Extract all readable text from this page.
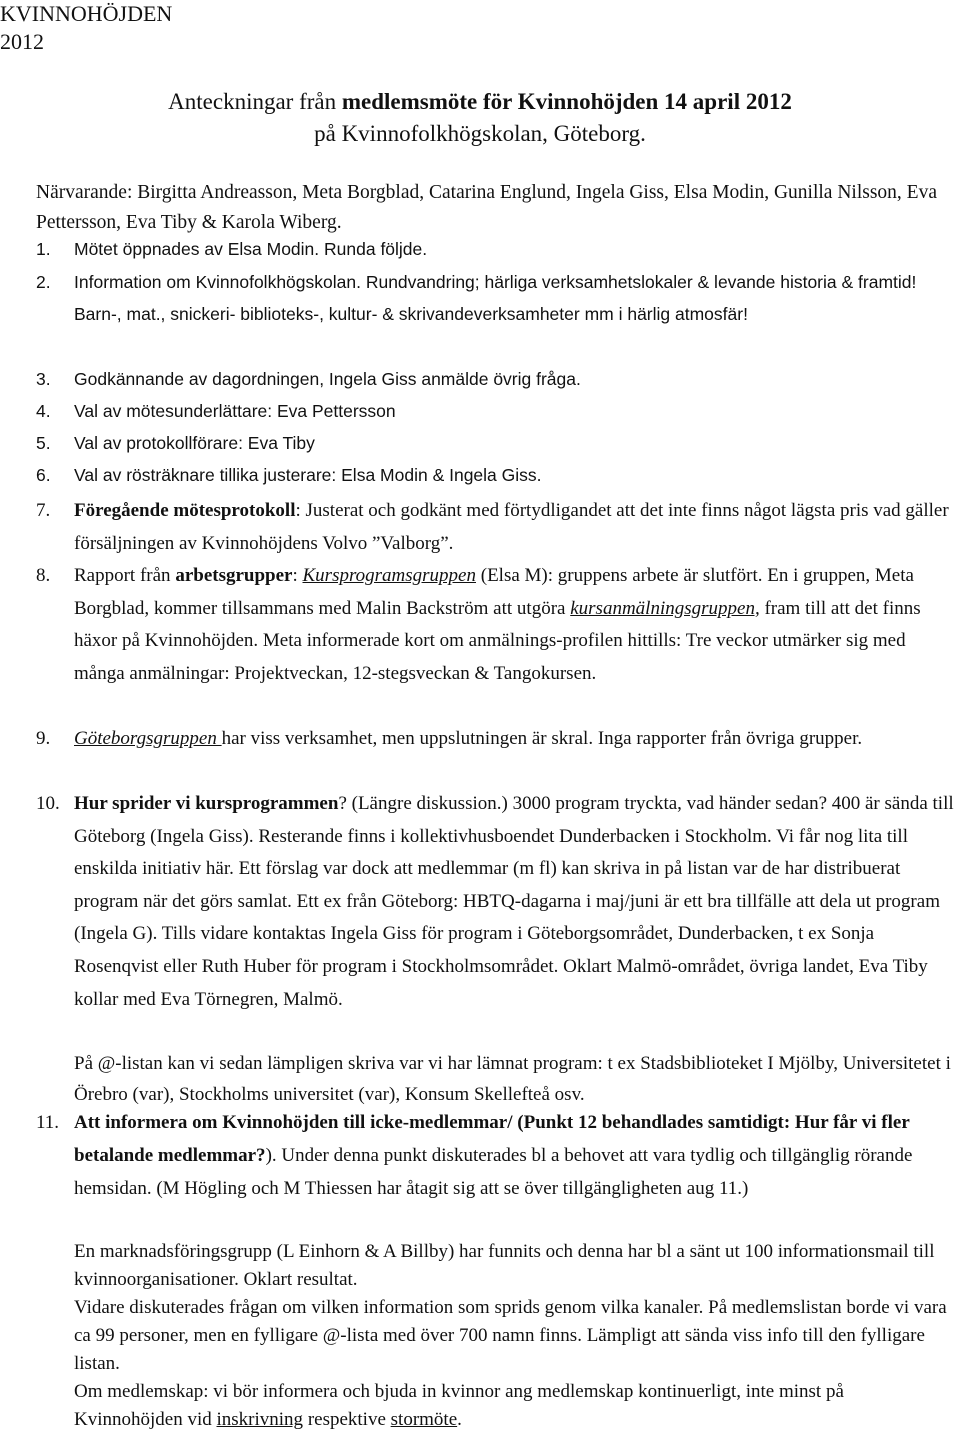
KVINNOHÖJDEN
2012
Anteckningar från medlemsmöte för Kvinnohöjden 14 april 2012
på Kvinnofolkhögskolan, Göteborg.
Närvarande: Birgitta Andreasson, Meta Borgblad, Catarina Englund, Ingela Giss, Elsa Modin, Gunilla Nilsson, Eva Pettersson, Eva Tiby & Karola Wiberg.
1. Mötet öppnades av Elsa Modin. Runda följde.
2. Information om Kvinnofolkhögskolan. Rundvandring; härliga verksamhetslokaler & levande historia & framtid! Barn-, mat., snickeri- biblioteks-, kultur- & skrivandeverksamheter mm i härlig atmosfär!
3. Godkännande av dagordningen, Ingela Giss anmälde övrig fråga.
4. Val av mötesunderlättare: Eva Pettersson
5. Val av protokollförare: Eva Tiby
6. Val av rösträknare tillika justerare: Elsa Modin & Ingela Giss.
7. Föregående mötesprotokoll: Justerat och godkänt med förtydligandet att det inte finns något lägsta pris vad gäller försäljningen av Kvinnohöjdens Volvo ”Valborg”.
8. Rapport från arbetsgrupper: Kursprogramsgruppen (Elsa M): gruppens arbete är slutfört. En i gruppen, Meta Borgblad, kommer tillsammans med Malin Backström att utgöra kursanmälningsgruppen, fram till att det finns häxor på Kvinnohöjden. Meta informerade kort om anmälnings-profilen hittills: Tre veckor utmärker sig med många anmälningar: Projektveckan, 12-stegsveckan & Tangokursen.
9. Göteborgsgruppen har viss verksamhet, men uppslutningen är skral. Inga rapporter från övriga grupper.
10. Hur sprider vi kursprogrammen? (Längre diskussion.) 3000 program tryckta, vad händer sedan? 400 är sända till Göteborg (Ingela Giss). Resterande finns i kollektivhusboendet Dunderbacken i Stockholm. Vi får nog lita till enskilda initiativ här. Ett förslag var dock att medlemmar (m fl) kan skriva in på listan var de har distribuerat program när det görs samlat. Ett ex från Göteborg: HBTQ-dagarna i maj/juni är ett bra tillfälle att dela ut program (Ingela G). Tills vidare kontaktas Ingela Giss för program i Göteborgsområdet, Dunderbacken, t ex Sonja Rosenqvist eller Ruth Huber för program i Stockholmsområdet. Oklart Malmö-området, övriga landet, Eva Tiby kollar med Eva Törnegren, Malmö.
På @-listan kan vi sedan lämpligen skriva var vi har lämnat program: t ex Stadsbiblioteket I Mjölby, Universitetet i Örebro (var), Stockholms universitet (var), Konsum Skellefteå osv.
11. Att informera om Kvinnohöjden till icke-medlemmar/ (Punkt 12 behandlades samtidigt: Hur får vi fler betalande medlemmar?). Under denna punkt diskuterades bl a behovet att vara tydlig och tillgänglig rörande hemsidan. (M Högling och M Thiessen har åtagit sig att se över tillgängligheten aug 11.)
En marknadsföringsgrupp (L Einhorn & A Billby) har funnits och denna har bl a sänt ut 100 informationsmail till kvinnoorganisationer. Oklart resultat.
Vidare diskuterades frågan om vilken information som sprids genom vilka kanaler. På medlemslistan borde vi vara ca 99 personer, men en fylligare @-lista med över 700 namn finns. Lämpligt att sända viss info till den fylligare listan.
Om medlemskap: vi bör informera och bjuda in kvinnor ang medlemskap kontinuerligt, inte minst på Kvinnohöjden vid inskrivning respektive stormöte.
